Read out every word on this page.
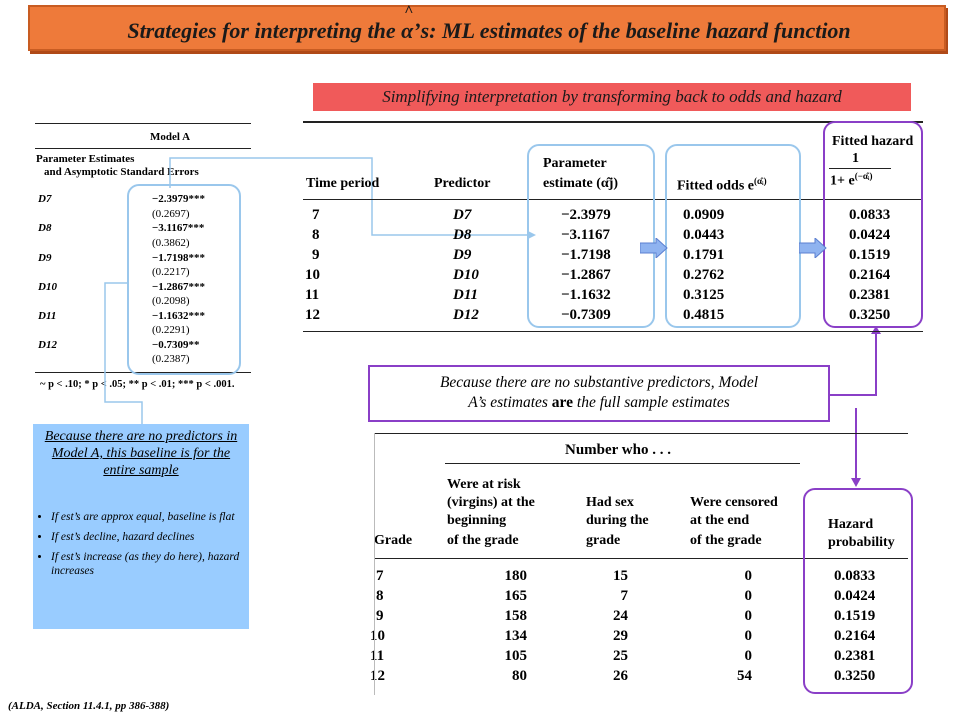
Strategies for interpreting the
^
α’s: ML estimates of the baseline hazard function
Simplifying interpretation by transforming back to odds and hazard
Model A
Parameter Estimates
and Asymptotic Standard Errors
D7	−2.3979***
(0.2697)
D8	−3.1167***
(0.3862)
D9	−1.7198***
(0.2217)
D10	−1.2867***
(0.2098)
D11	−1.1632***
(0.2291)
D12	−0.7309**
(0.2387)
~ p < .10; * p < .05; ** p < .01; *** p < .001.
Time period	Predictor
Parameter
estimate (α̂j)	Fitted odds $e^{(\alphâᵢ)}$
Fitted hazard
1
$1+ e^{(-\alphâᵢ)}$
7	D7	−2.3979	0.0909	0.0833
8	D8	−3.1167	0.0443	0.0424
9	D9	−1.7198	0.1791	0.1519
10	D10	−1.2867	0.2762	0.2164
11	D11	−1.1632	0.3125	0.2381
12	D12	−0.7309	0.4815	0.3250
Because there are no substantive predictors, Model
A’s estimates are the full sample estimates
Because there are no predictors in Model A, this baseline is for the entire sample
• If est’s are approx equal, baseline is flat
• If est’s decline, hazard declines
• If est’s increase (as they do here), hazard increases
Number who . . .
Grade
Were at risk
(virgins) at the
beginning
of the grade
Had sex
during the
grade
Were censored
at the end
of the grade
Hazard
probability
7	180	15	0	0.0833
8	165	7	0	0.0424
9	158	24	0	0.1519
10	134	29	0	0.2164
11	105	25	0	0.2381
12	80	26	54	0.3250
(ALDA, Section 11.4.1, pp 386-388)
